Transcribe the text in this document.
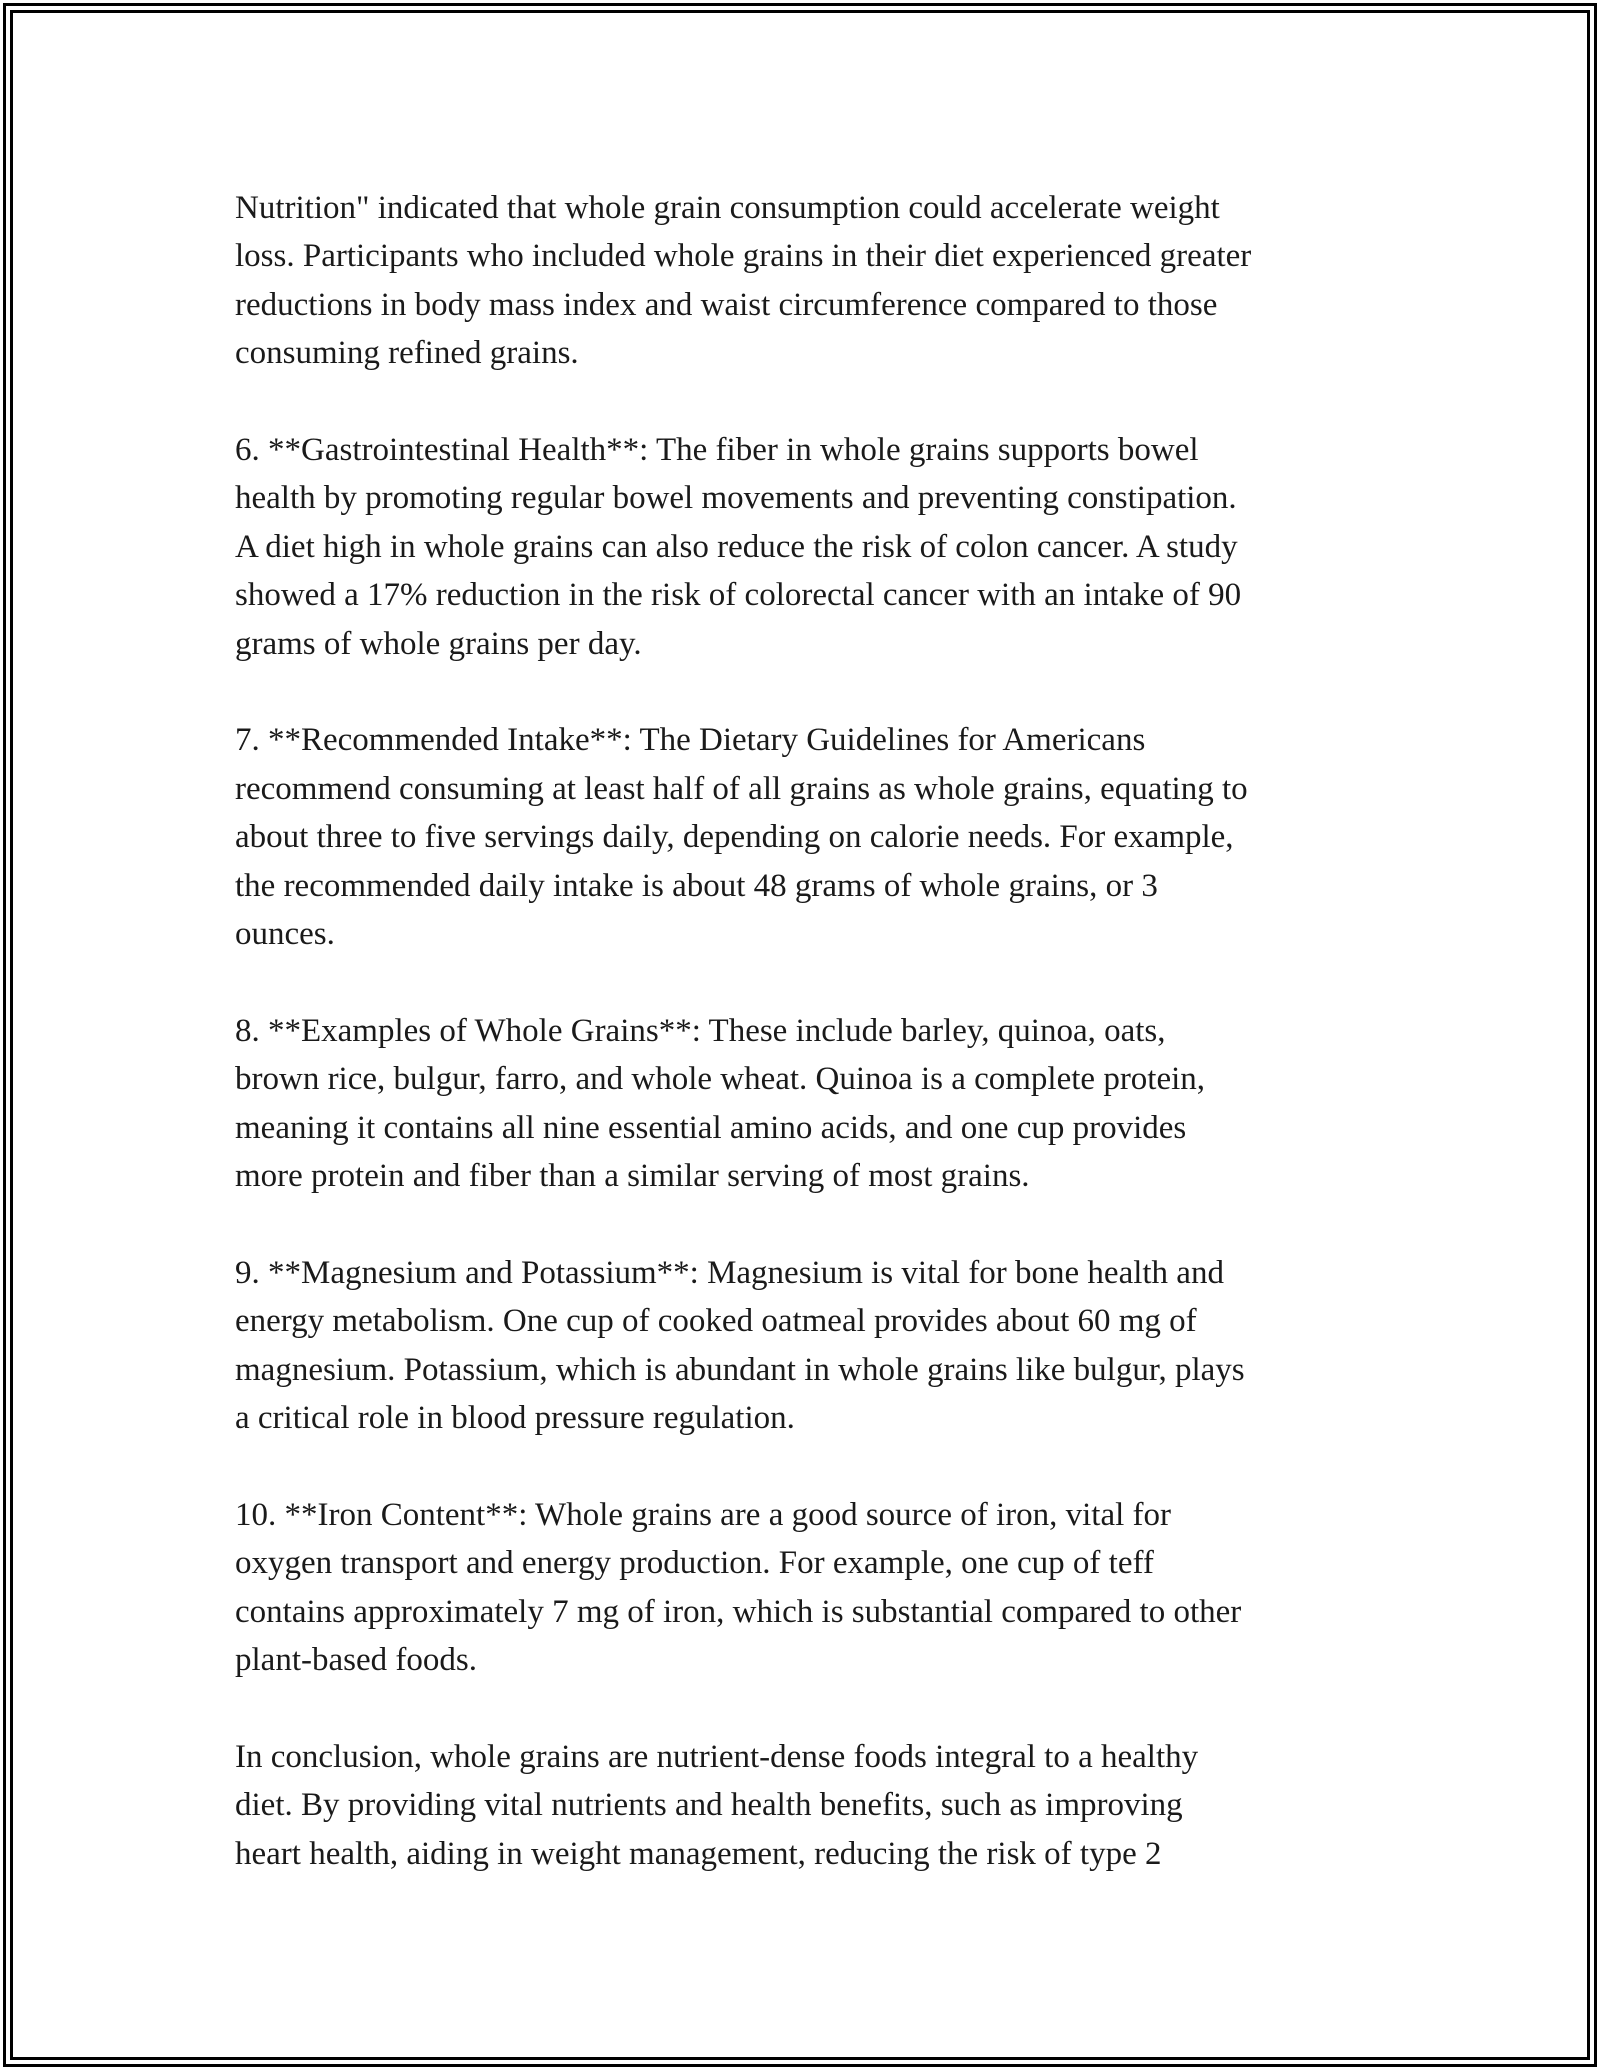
Nutrition" indicated that whole grain consumption could accelerate weight
loss. Participants who included whole grains in their diet experienced greater
reductions in body mass index and waist circumference compared to those
consuming refined grains.

6. **Gastrointestinal Health**: The fiber in whole grains supports bowel
health by promoting regular bowel movements and preventing constipation.
A diet high in whole grains can also reduce the risk of colon cancer. A study
showed a 17% reduction in the risk of colorectal cancer with an intake of 90
grams of whole grains per day.

7. **Recommended Intake**: The Dietary Guidelines for Americans
recommend consuming at least half of all grains as whole grains, equating to
about three to five servings daily, depending on calorie needs. For example,
the recommended daily intake is about 48 grams of whole grains, or 3
ounces.

8. **Examples of Whole Grains**: These include barley, quinoa, oats,
brown rice, bulgur, farro, and whole wheat. Quinoa is a complete protein,
meaning it contains all nine essential amino acids, and one cup provides
more protein and fiber than a similar serving of most grains.

9. **Magnesium and Potassium**: Magnesium is vital for bone health and
energy metabolism. One cup of cooked oatmeal provides about 60 mg of
magnesium. Potassium, which is abundant in whole grains like bulgur, plays
a critical role in blood pressure regulation.

10. **Iron Content**: Whole grains are a good source of iron, vital for
oxygen transport and energy production. For example, one cup of teff
contains approximately 7 mg of iron, which is substantial compared to other
plant-based foods.

In conclusion, whole grains are nutrient-dense foods integral to a healthy
diet. By providing vital nutrients and health benefits, such as improving
heart health, aiding in weight management, reducing the risk of type 2
